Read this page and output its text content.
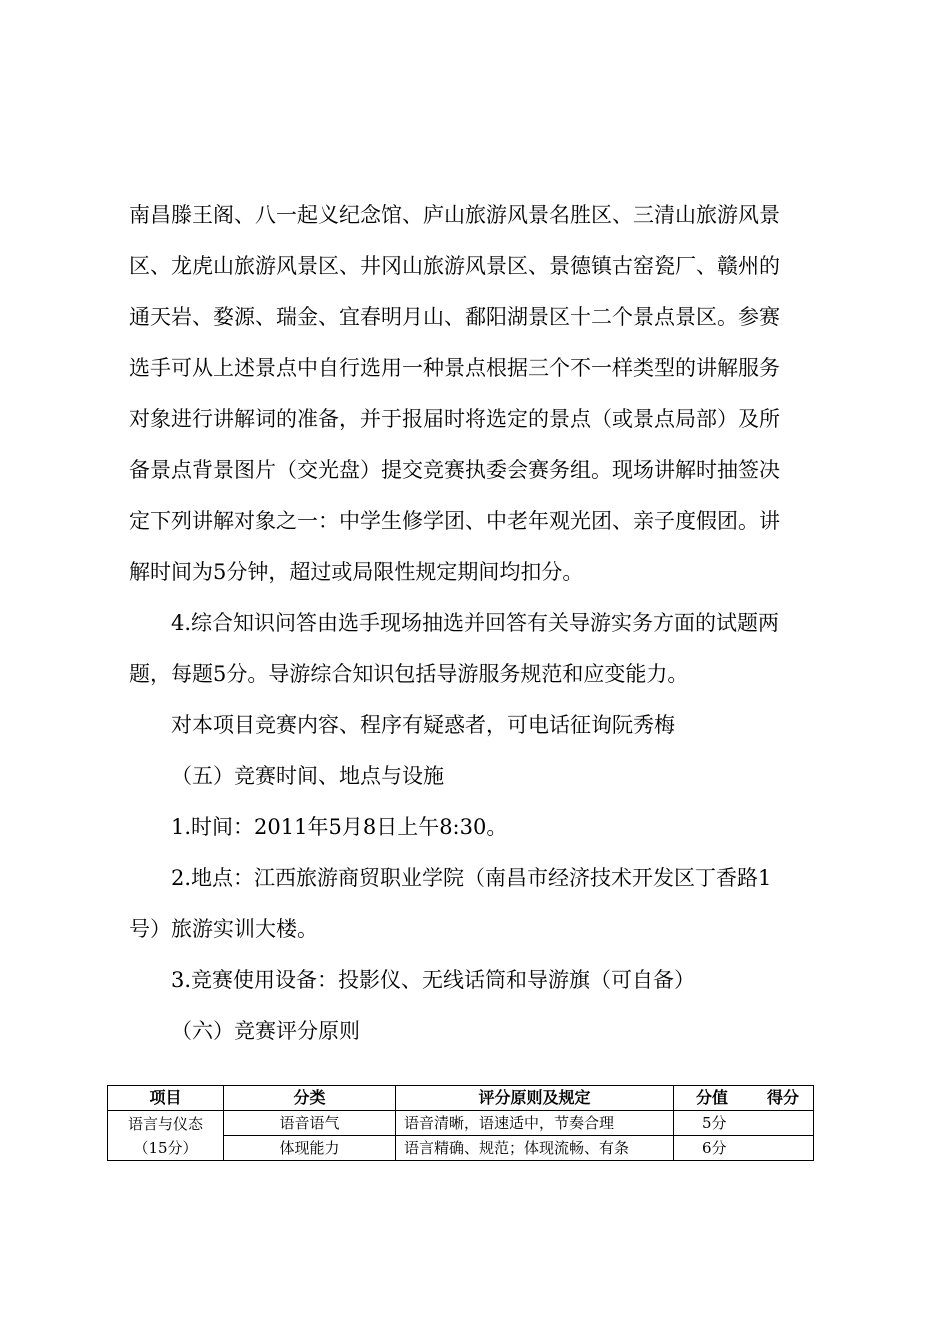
南昌滕王阁、八一起义纪念馆、庐山旅游风景名胜区、三清山旅游风景
区、龙虎山旅游风景区、井冈山旅游风景区、景德镇古窑瓷厂、赣州的
通天岩、婺源、瑞金、宜春明月山、鄱阳湖景区十二个景点景区。参赛
选手可从上述景点中自行选用一种景点根据三个不一样类型的讲解服务
对象进行讲解词的准备，并于报届时将选定的景点（或景点局部）及所
备景点背景图片（交光盘）提交竞赛执委会赛务组。现场讲解时抽签决
定下列讲解对象之一：中学生修学团、中老年观光团、亲子度假团。讲
解时间为5分钟，超过或局限性规定期间均扣分。
4.综合知识问答由选手现场抽选并回答有关导游实务方面的试题两
题，每题5分。导游综合知识包括导游服务规范和应变能力。
对本项目竞赛内容、程序有疑惑者，可电话征询阮秀梅
（五）竞赛时间、地点与设施
1.时间：2011年5月8日上午8:30。
2.地点：江西旅游商贸职业学院（南昌市经济技术开发区丁香路1
号）旅游实训大楼。
3.竞赛使用设备：投影仪、无线话筒和导游旗（可自备）
（六）竞赛评分原则
项目	分类	评分原则及规定	分值 得分

语言与仪态
（15分）	语音语气	语音清晰，语速适中，节奏合理	5分
	体现能力	语言精确、规范；体现流畅、有条	6分
